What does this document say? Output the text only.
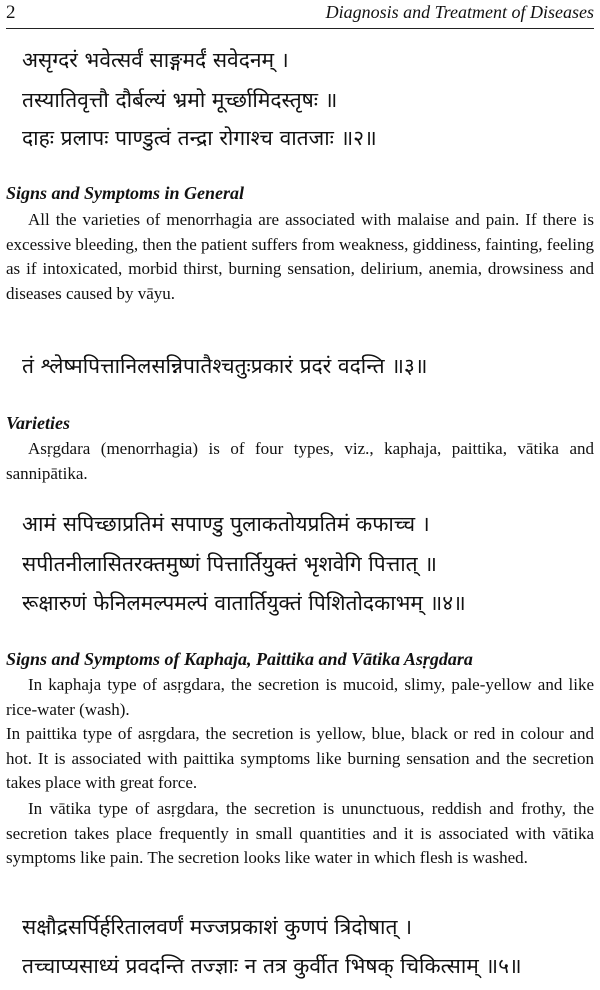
2	Diagnosis and Treatment of Diseases
असृग्दरं भवेत्सर्वं साङ्गमर्दं सवेदनम् ।
तस्यातिवृत्तौ दौर्बल्यं भ्रमो मूर्च्छामिदस्तृषः ॥
दाहः प्रलापः पाण्डुत्वं तन्द्रा रोगाश्च वातजाः ॥२॥
Signs and Symptoms in General
All the varieties of menorrhagia are associated with malaise and pain. If there is excessive bleeding, then the patient suffers from weakness, giddiness, fainting, feeling as if intoxicated, morbid thirst, burning sensation, delirium, anemia, drowsiness and diseases caused by vāyu.
तं श्लेष्मपित्तानिलसन्निपातैश्चतुःप्रकारं प्रदरं वदन्ति ॥३॥
Varieties
Asṛgdara (menorrhagia) is of four types, viz., kaphaja, paittika, vātika and sannipātika.
आमं सपिच्छाप्रतिमं सपाण्डु पुलाकतोयप्रतिमं कफाच्च ।
सपीतनीलासितरक्तमुष्णं पित्तार्तियुक्तं भृशवेगि पित्तात् ॥
रूक्षारुणं फेनिलमल्पमल्पं वातार्तियुक्तं पिशितोदकाभम् ॥४॥
Signs and Symptoms of Kaphaja, Paittika and Vātika Asṛgdara
In kaphaja type of asṛgdara, the secretion is mucoid, slimy, pale-yellow and like rice-water (wash).
In paittika type of asṛgdara, the secretion is yellow, blue, black or red in colour and hot. It is associated with paittika symptoms like burning sensation and the secretion takes place with great force.
In vātika type of asṛgdara, the secretion is ununctuous, reddish and frothy, the secretion takes place frequently in small quantities and it is associated with vātika symptoms like pain. The secretion looks like water in which flesh is washed.
सक्षौद्रसर्पिर्हरितालवर्णं मज्जप्रकाशं कुणपं त्रिदोषात् ।
तच्चाप्यसाध्यं प्रवदन्ति तज्ज्ञाः न तत्र कुर्वीत भिषक् चिकित्साम् ॥५॥
